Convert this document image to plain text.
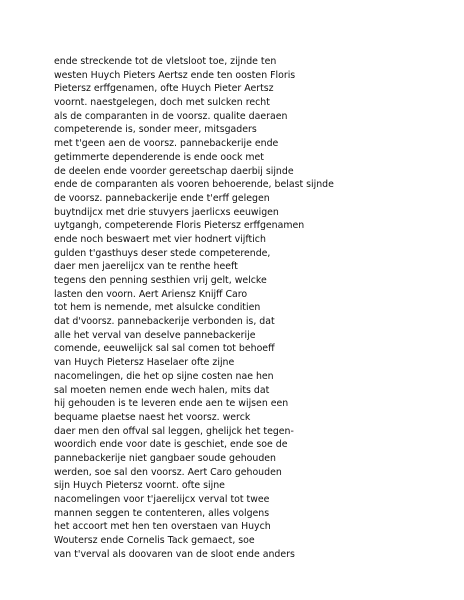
ende streckende tot de vletsloot toe, zijnde ten
westen Huych Pieters Aertsz ende ten oosten Floris
Pietersz erffgenamen, ofte Huych Pieter Aertsz
voornt. naestgelegen, doch met sulcken recht
als de comparanten in de voorsz. qualite daeraen
competerende is, sonder meer, mitsgaders
met t'geen aen de voorsz. pannebackerije ende
getimmerte dependerende is ende oock met
de deelen ende voorder gereetschap daerbij sijnde
ende de comparanten als vooren behoerende, belast sijnde
de voorsz. pannebackerije ende t'erff gelegen
buytndijcx met drie stuvyers jaerlicxs eeuwigen
uytgangh, competerende Floris Pietersz erffgenamen
ende noch beswaert met vier hodnert vijftich
gulden t'gasthuys deser stede competerende,
daer men jaerelijcx van te renthe heeft
tegens den penning sesthien vrij gelt, welcke
lasten den voorn. Aert Ariensz Knijff Caro
tot hem is nemende, met alsulcke conditien
dat d'voorsz. pannebackerije verbonden is, dat
alle het verval van deselve pannebackerije
comende, eeuwelijck sal sal comen tot behoeff
van Huych Pietersz Haselaer ofte zijne
nacomelingen, die het op sijne costen nae hen
sal moeten nemen ende wech halen, mits dat
hij gehouden is te leveren ende aen te wijsen een
bequame plaetse naest het voorsz. werck
daer men den offval sal leggen, ghelijck het tegen-
woordich ende voor date is geschiet, ende soe de
pannebackerije niet gangbaer soude gehouden
werden, soe sal den voorsz. Aert Caro gehouden
sijn Huych Pietersz voornt. ofte sijne
nacomelingen voor t'jaerelijcx verval tot twee
mannen seggen te contenteren, alles volgens
het accoort met hen ten overstaen van Huych
Woutersz ende Cornelis Tack gemaect, soe
van t'verval als doovaren van de sloot ende anders
